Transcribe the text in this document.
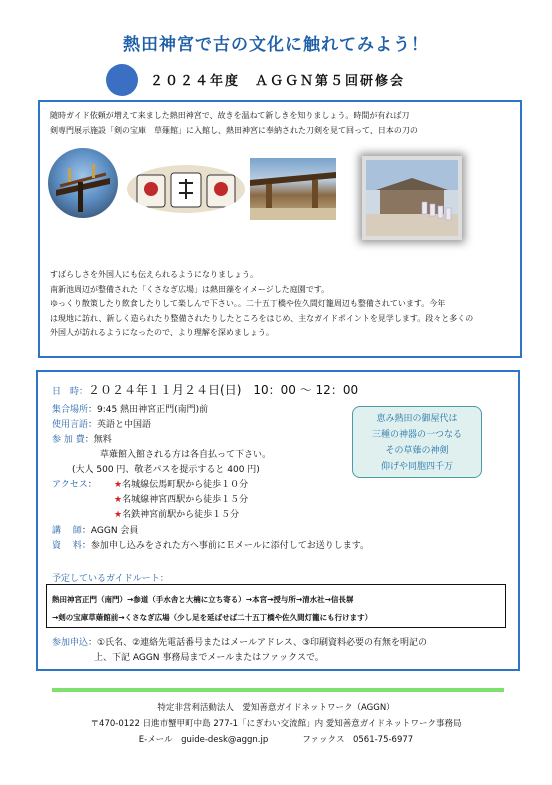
熱田神宮で古の文化に触れてみよう！
２０２４年度　ＡＧＧＮ第５回研修会
随時ガイド依頼が増えて来ました熱田神宮で、故きを温ねて新しきを知りましょう。時間が有れば刀
剣専門展示施設「剣の宝庫　草薙館」に入館し、熱田神宮に奉納された刀剣を見て回って、日本の刀の
すばらしさを外国人にも伝えられるようになりましょう。
南新池周辺が整備された「くさなぎ広場」は熱田藻をイメージした庭園です。
ゆっくり散策したり飲食したりして楽しんで下さい。。二十五丁橋や佐久間灯籠周辺も整備されています。今年
は現地に訪れ、新しく造られたり整備されたりしたところをはじめ、主なガイドポイントを見学します。段々と多くの
外国人が訪れるようになったので、より理解を深めましょう。
日　時：２０２４年１１月２４日(日)　10：00 〜 12：00
集合場所：9:45 熱田神宮正門(南門)前
使用言語：英語と中国語
参 加 費：無料
草薙館入館される方は各自払って下さい。
(大人 500 円、敬老パスを提示すると 400 円)
アクセス： ★名城線伝馬町駅から徒歩１０分
★名城線神宮西駅から徒歩１５分
★名鉄神宮前駅から徒歩１５分
講　 師：AGGN 会員
資　 料：参加申し込みをされた方へ事前にＥメールに添付してお送りします。
恵み熱田の御屋代は
三種の神器の一つなる
その草薙の神剣
仰げや同胞四千万
予定しているガイドルート：
熱田神宮正門（南門）→参道（手水舎と大楠に立ち寄る）→本宮→授与所→清水社→信長塀
→剣の宝庫草薙館前→くさなぎ広場（少し足を延ばせば二十五丁橋や佐久間灯籠にも行けます）
参加申込：①氏名、②連絡先電話番号またはメールアドレス、③印刷資料必要の有無を明記の
上、下記 AGGN 事務局までメールまたはファックスで。
特定非営利活動法人　愛知善意ガイドネットワーク（AGGN）
〒470-0122 日進市蟹甲町中島 277-1「にぎわい交流館」内 愛知善意ガイドネットワーク事務局
E-メール　guide-desk@aggn.jp　　　　ファックス　0561-75-6977
